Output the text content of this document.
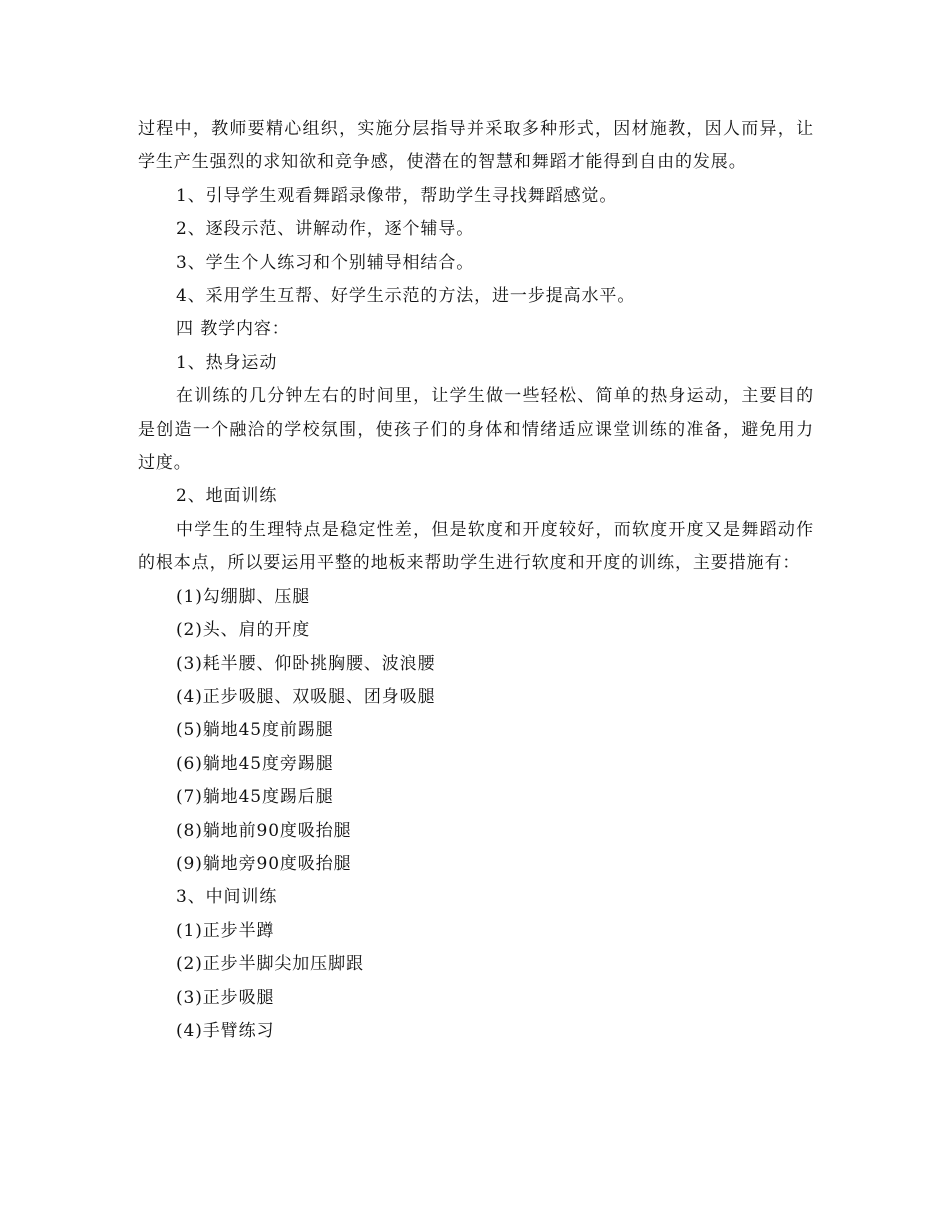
过程中，教师要精心组织，实施分层指导并采取多种形式，因材施教，因人而异，让学生产生强烈的求知欲和竞争感，使潜在的智慧和舞蹈才能得到自由的发展。

1、引导学生观看舞蹈录像带，帮助学生寻找舞蹈感觉。

2、逐段示范、讲解动作，逐个辅导。

3、学生个人练习和个别辅导相结合。

4、采用学生互帮、好学生示范的方法，进一步提高水平。

四 教学内容：

1、热身运动

在训练的几分钟左右的时间里，让学生做一些轻松、简单的热身运动，主要目的是创造一个融洽的学校氛围，使孩子们的身体和情绪适应课堂训练的准备，避免用力过度。

2、地面训练

中学生的生理特点是稳定性差，但是软度和开度较好，而软度开度又是舞蹈动作的根本点，所以要运用平整的地板来帮助学生进行软度和开度的训练，主要措施有：

(1)勾绷脚、压腿

(2)头、肩的开度

(3)耗半腰、仰卧挑胸腰、波浪腰

(4)正步吸腿、双吸腿、团身吸腿

(5)躺地45度前踢腿

(6)躺地45度旁踢腿

(7)躺地45度踢后腿

(8)躺地前90度吸抬腿

(9)躺地旁90度吸抬腿

3、中间训练

(1)正步半蹲

(2)正步半脚尖加压脚跟

(3)正步吸腿

(4)手臂练习
